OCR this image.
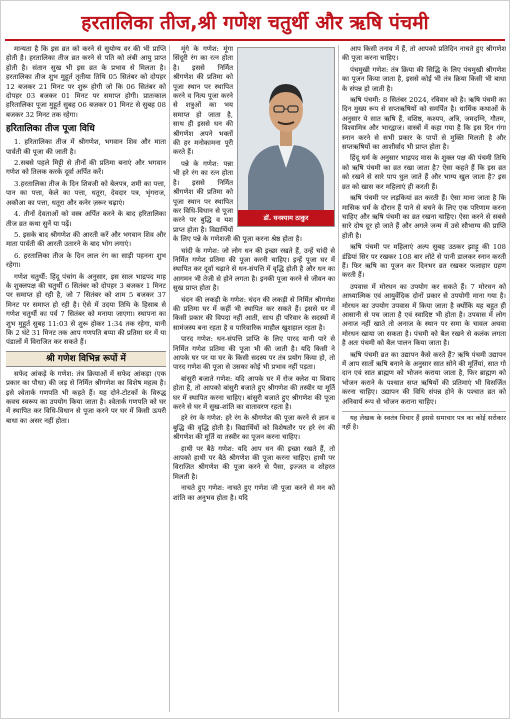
हरतालिका तीज,श्री गणेश चतुर्थी और ऋषि पंचमी

मान्यता है कि इस व्रत को करने से सुयोग्य वर की भी प्राप्ति होती है। हरतालिका तीज व्रत करने से पति को लंबी आयु प्राप्त होती है। संतान सुख भी इस व्रत के प्रभाव से मिलता है। हरतालिका तीज शुभ मुहूर्त तृतीया तिथि 05 सितंबर को दोपहर 12 बजकर 21 मिनट पर शुरू होगी जो कि 06 सितंबर को दोपहर 03 बजकर 01 मिनट पर समाप्त होगी। प्रातःकाल हरितालिका पूजा मुहूर्त सुबह 06 बजकर 01 मिनट से सुबह 08 बजकर 32 मिनट तक रहेगा।

हरितालिका तीज पूजा विधि

1. हरितालिका तीज में श्रीगणेश, भगवान शिव और माता पार्वती की पूजा की जाती है।

2.सबसे पहले मिट्टी से तीनों की प्रतिमा बनाएं और भगवान गणेश को तिलक करके दूर्वा अर्पित करें।

3.हरतालिका तीज के दिन शिवजी को बेलपत्र, शमी का पत्ता, पान का पत्ता, केले का पत्ता, धतूरा, देवदार पत्र, भृंगराज, अकौआ का पत्ता, धतूरा और कनेर ज़रूर चढ़ाएं।

4. तीनों देवताओं को वस्त्र अर्पित करने के बाद हरितालिका तीज व्रत कथा सुनें या पढ़ें।

5. इसके बाद श्रीगणेश की आरती करें और भगवान शिव और माता पार्वती की आरती उतारने के बाद भोग लगाएं।

6. हरतालिका तीज के दिन लाल रंग का साड़ी पहनना शुभ रहेगा।

गणेश चतुर्थी: हिंदू पंचांग के अनुसार, इस साल भाद्रपद माह के शुक्लपक्ष की चतुर्थी 6 सितंबर को दोपहर 3 बजकर 1 मिनट पर समाप्त हो रही है, जो 7 सितंबर को शाम 5 बजकर 37 मिनट पर समाप्त हो रही है। ऐसे में उदया तिथि के हिसाब से गणेश चतुर्थी का पर्व 7 सितंबर को मनाया जाएगा। स्थापना का शुभ मुहूर्त सुबह 11:03 से शुरू होकर 1:34 तक रहेगा, यानी कि 2 घंटे 31 मिनट तक आप गणपति बप्पा की प्रतिमा घर में या पंडालों में विराजित कर सकते हैं।

श्री गणेश विभिन्न रूपों में

सफेद आंकड़े के गणेश: तंत्र क्रियाओं में सफेद आंकड़ा (एक प्रकार का पौधा) की जड़ से निर्मित श्रीगणेश का विशेष महत्व है। इसे श्वेतार्क गणपति भी कहते हैं। यह दोने-टोटकों के विरुद्ध कवच स्वरूप का उपयोग किया जाता है। श्वेतार्क गणपति को घर में स्थापित कर विधि-विधान से पूजा करने पर घर में किसी ऊपरी बाधा का असर नहीं होता।

डॉ. घनश्याम ठाकुर

मूंगे के गणेश: मूंगा सिंदूरी रंग का रत्न होता है। इससे निर्मित श्रीगणेश की प्रतिमा को पूजा स्थान पर स्थापित करने व नित्य पूजा करने से शत्रुओं का भय समाप्त हो जाता है, साथ ही इससे धन की श्रीगणेश अपने भक्तों की हर मनोकामना पूरी करते हैं।

पन्ने के गणेश: पन्ना भी हरे रंग का रत्न होता है। इससे निर्मित श्रीगणेश की प्रतिमा को पूजा स्थान पर स्थापित कर विधि-विधान से पूजा करने पर बुद्धि व यश प्राप्त होता है। विद्यार्थियों के लिए पन्ने के गणेशजी की पूजा करना श्रेष्ठ होता है।

चांदी के गणेश: जो लोग धन की इच्छा रखते हैं, उन्हें चांदी से निर्मित गणेश प्रतिमा की पूजा करनी चाहिए। इन्हें पूजा घर में स्थापित कर दूर्वा चढ़ाने से धन-संपत्ति में वृद्धि होती है और धन का आगमन भी तेजी से होने लगता है। इनकी पूजा करने से जीवन का सुख प्राप्त होता है।

चंदन की लकड़ी के गणेश: चंदन की लकड़ी से निर्मित श्रीगणेश की प्रतिमा घर में कहीं भी स्थापित कर सकते हैं। इससे घर में किसी प्रकार की विपदा नहीं आती, साथ ही परिवार के सदस्यों में सामंजस्य बना रहता है व पारिवारिक माहौल खुशहाल रहता है।

पारद गणेश: धन-संपत्ति प्राप्ति के लिए पारद यानी पारे से निर्मित गणेश प्रतिमा की पूजा भी की जाती है। यदि किसी ने आपके घर पर या घर के किसी सदस्य पर तंत्र प्रयोग किया हो, तो पारद गणेश की पूजा से उसका कोई भी प्रभाव नहीं पड़ता।

बांसुरी बजाते गणेश: यदि आपके घर में रोज क्लेश या विवाद होता है, तो आपको बांसुरी बजाते हुए श्रीगणेश की तस्वीर या मूर्ति घर में स्थापित करना चाहिए। बांसुरी बजाते हुए श्रीगणेश की पूजा करने से घर में सुख-शांति का वातावरण रहता है।

हरे रंग के गणेश: हरे रंग के श्रीगणेश की पूजा करने से ज्ञान व बुद्धि की वृद्धि होती है। विद्यार्थियों को विशेषतौर पर हरे रंग की श्रीगणेश की मूर्ति या तस्वीर का पूजन करना चाहिए।

हाथी पर बैठे गणेश: यदि आप धन की इच्छा रखते हैं, तो आपको हाथी पर बैठे श्रीगणेश की पूजा करना चाहिए। हाथी पर विराजित श्रीगणेश की पूजा करने से पैसा, इज्जत व शोहरत मिलती है।

नाचते हुए गणेश: नाचते हुए गणेश जी पूजा करने से मन को शांति का अनुभव होता है। यदि

आप किसी तनाव में हैं, तो आपको प्रतिदिन नाचते हुए श्रीगणेश की पूजा करना चाहिए।

पंचमुखी गणेश: तंत्र क्रिया की सिद्धि के लिए पंचमुखी श्रीगणेश का पूजन किया जाता है, इससे कोई भी तंत्र क्रिया किसी भी बाधा के संपन्न हो जाती है।

ऋषि पंचमी: 8 सितंबर 2024, रविवार को है। ऋषि पंचमी का दिन मुख्य रूप से सप्तऋषियों को समर्पित है। धार्मिक कथाओं के अनुसार ये सात ऋषि हैं, वशिष्ठ, कश्यप, अत्रि, जमदग्नि, गौतम, विश्वामित्र और भारद्वाज। वास्त्रों में कहा गया है कि इस दिन गंगा स्नान करने से सभी प्रकार के पापों से मुक्ति मिलती है और सप्तऋषियों का आशीर्वाद भी प्राप्त होता है।

हिंदू धर्म के अनुसार भाद्रपद मास के शुक्ल पक्ष की पंचमी तिथि को ऋषि पंचमी का व्रत रखा जाता है? ऐसा कहते हैं कि इस व्रत को रखने से सारे पाप धुल जाते हैं और भाग्य खुल जाता है? इस व्रत को खास कर महिलाएं ही करती हैं।

ऋषि पंचमी पर लड़कियां व्रत करती हैं। ऐसा माना जाता है कि मासिक धर्म के दौरान हैं पाने से बचने के लिए एक परिणाम करना चाहिए और ऋषि पंचमी का व्रत रखना चाहिए। ऐसा करने से सबसे सारे दोष दूर हो जाते हैं और अगले जन्म में उसे सौभाग्य की प्राप्ति होती है।

ऋषि पंचमी पर महिलाएं अल्प सुबह उठकर झाड़ू की 108 डंडियां सिर पर रखकर 108 बार लोटे से पानी डालकर स्नान करती हैं। फिर ऋषि का पूजन कर दिनभर व्रत रखकर फलाहार ग्रहण करती हैं।

उपवास में मोरधन का उपयोग कर सकते हैं। 7 मोरधन को आध्यात्मिक एवं आयुर्वेदिक दोनों प्रकार से उपयोगी माना गया है। मोरधन का उपयोग उपवास में किया जाता है क्योंकि यह बहुत ही आसानी से पच जाता है एवं स्वादिष्ट भी होता है। उपवास में लोग अनाज नहीं खाते तो अनाज के स्थान पर समा के चावल अथवा मोरधन खाया जा सकता है। पंचमी को बैल रखने से कलंक लगता है अतः पंचमी को बैल पालन किया जाता है।

ऋषि पंचमी व्रत का उद्यापन कैसे करते हैं? ऋषि पंचमी उद्यापन में आप सातों ऋषि बनाने के अनुसार सात सोने की मूर्तियां, सात गो दान एवं सात ब्राह्मण को भोजन कराया जाता है, फिर ब्राह्मण को भोजन कराने के पश्चात सप्त ऋषियों की प्रतिमाएं भी विसर्जित करना चाहिए। उद्यापन की विधि संपन्न होने के पश्चात व्रत को अनिवार्य रूप से भोजन कराना चाहिए।

यह लेखक के स्वतंत्र विचार हैं इससे समाचार पत्र का कोई सरोकार नहीं है।
